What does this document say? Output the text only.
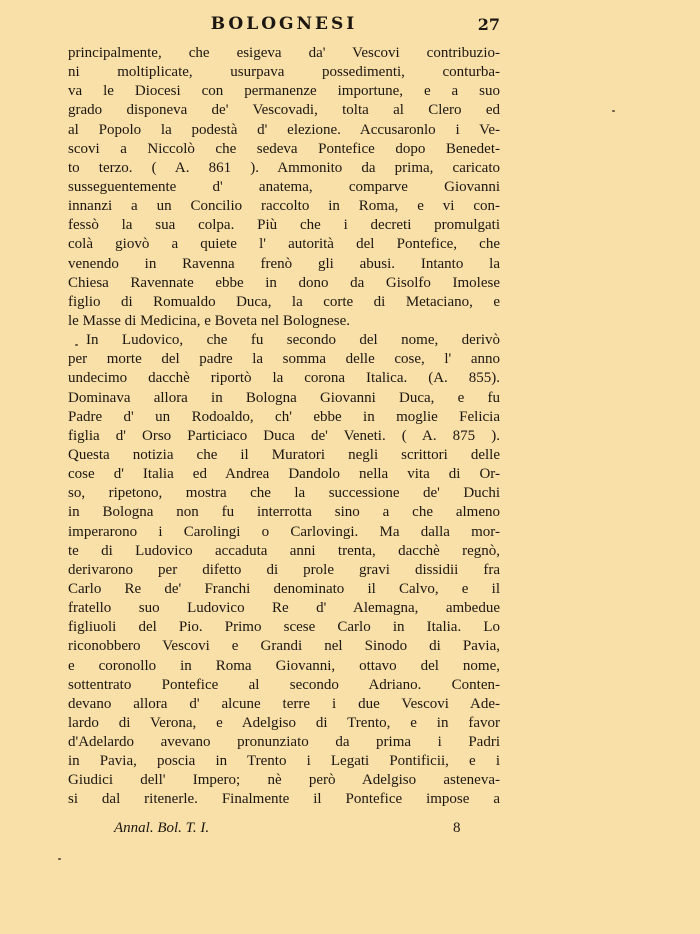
BOLOGNESI	27
principalmente, che esigeva da' Vescovi contribuzio-
ni moltiplicate, usurpava possedimenti, conturba-
va le Diocesi con permanenze importune, e a suo
grado disponeva de' Vescovadi, tolta al Clero ed
al Popolo la podestà d' elezione. Accusaronlo i Ve-
scovi a Niccolò che sedeva Pontefice dopo Benedet-
to terzo. ( A. 861 ). Ammonito da prima, caricato
susseguentemente d' anatema, comparve Giovanni
innanzi a un Concilio raccolto in Roma, e vi con-
fessò la sua colpa. Più che i decreti promulgati
colà giovò a quiete l' autorità del Pontefice, che
venendo in Ravenna frenò gli abusi. Intanto la
Chiesa Ravennate ebbe in dono da Gisolfo Imolese
figlio di Romualdo Duca, la corte di Metaciano, e
le Masse di Medicina, e Boveta nel Bolognese.
In Ludovico, che fu secondo del nome, derivò
per morte del padre la somma delle cose, l' anno
undecimo dacchè riportò la corona Italica. (A. 855).
Dominava allora in Bologna Giovanni Duca, e fu
Padre d' un Rodoaldo, ch' ebbe in moglie Felicia
figlia d' Orso Particiaco Duca de' Veneti. ( A. 875 ).
Questa notizia che il Muratori negli scrittori delle
cose d' Italia ed Andrea Dandolo nella vita di Or-
so, ripetono, mostra che la successione de' Duchi
in Bologna non fu interrotta sino a che almeno
imperarono i Carolingi o Carlovingi. Ma dalla mor-
te di Ludovico accaduta anni trenta, dacchè regnò,
derivarono per difetto di prole gravi dissidii fra
Carlo Re de' Franchi denominato il Calvo, e il
fratello suo Ludovico Re d' Alemagna, ambedue
figliuoli del Pio. Primo scese Carlo in Italia. Lo
riconobbero Vescovi e Grandi nel Sinodo di Pavia,
e coronollo in Roma Giovanni, ottavo del nome,
sottentrato Pontefice al secondo Adriano. Conten-
devano allora d' alcune terre i due Vescovi Ade-
lardo di Verona, e Adelgiso di Trento, e in favor
d'Adelardo avevano pronunziato da prima i Padri
in Pavia, poscia in Trento i Legati Pontificii, e i
Giudici dell' Impero; nè però Adelgiso asteneva-
si dal ritenerle. Finalmente il Pontefice impose a
Annal. Bol. T. I.	8
